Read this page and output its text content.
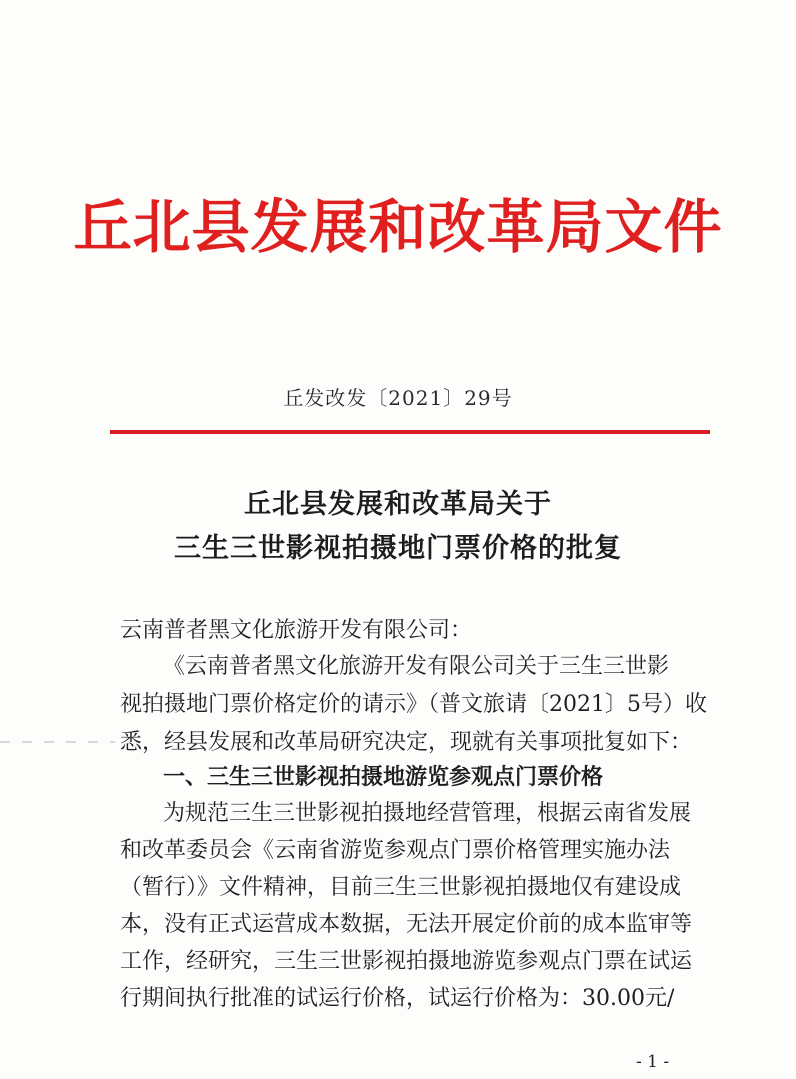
丘北县发展和改革局文件
丘发改发〔2021〕29号
丘北县发展和改革局关于
三生三世影视拍摄地门票价格的批复
云南普者黑文化旅游开发有限公司：
《云南普者黑文化旅游开发有限公司关于三生三世影
视拍摄地门票价格定价的请示》（普文旅请〔2021〕5号）收
悉，经县发展和改革局研究决定，现就有关事项批复如下：
一、三生三世影视拍摄地游览参观点门票价格
为规范三生三世影视拍摄地经营管理，根据云南省发展
和改革委员会《云南省游览参观点门票价格管理实施办法
（暂行）》文件精神，目前三生三世影视拍摄地仅有建设成
本，没有正式运营成本数据，无法开展定价前的成本监审等
工作，经研究，三生三世影视拍摄地游览参观点门票在试运
行期间执行批准的试运行价格，试运行价格为：30.00元/
- 1 -
